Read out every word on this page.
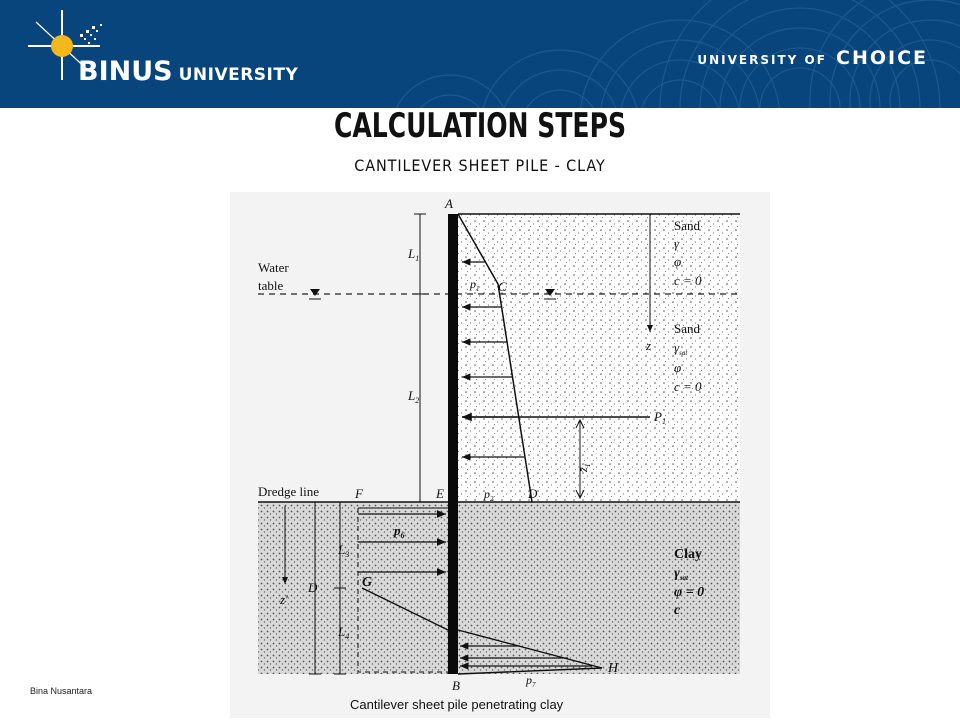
BINUS UNIVERSITY
UNIVERSITY OF CHOICE
CALCULATION STEPS
CANTILEVER SHEET PILE - CLAY
A
C
D
E
F
G
H
B
$L_1$
$L_2$
$L_3$
$L_4$
D
z′
z
$z̄_1$
$p_1$
$p_2$
$p_6$
$p_7$
$P_1$
Water
table
Dredge line
Sand
γ
φ
c = 0
Sand
$\gamma_{sat}$
φ
c = 0
Clay
$\gamma_{sat}$
φ = 0
c
Cantilever sheet pile penetrating clay
Bina Nusantara
